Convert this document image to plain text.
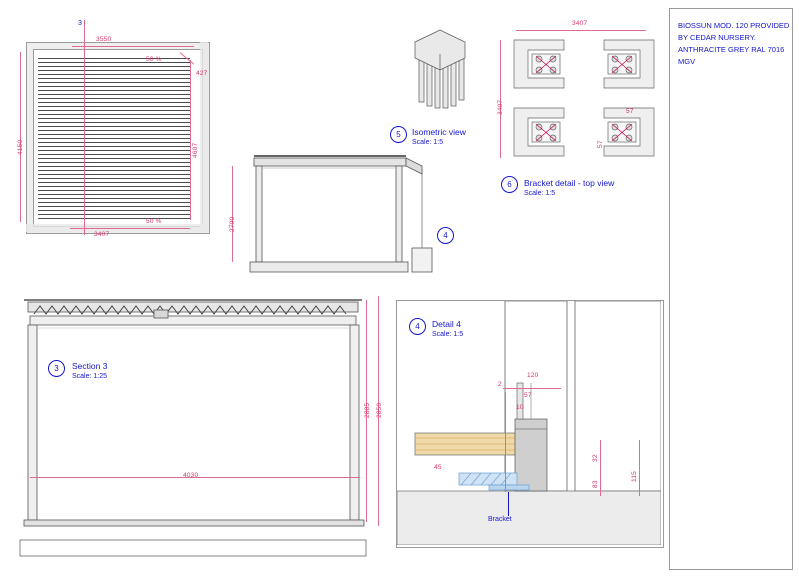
BIOSSUN MOD. 120 PROVIDED
BY CEDAR NURSERY.
ANTHRACITE GREY RAL 7016
MGV
3550
3407
4150	4607
427
50 %
50 %
3
5	Isometric view
Scale: 1:5
3407
3407	57
57
6	Bracket detail - top view
Scale: 1:5
2700
4
4030
2885 2859
3	Section 3
Scale: 1:25	120
2
57
10
45
32
83
115
Bracket
4	Detail 4
Scale: 1:5
